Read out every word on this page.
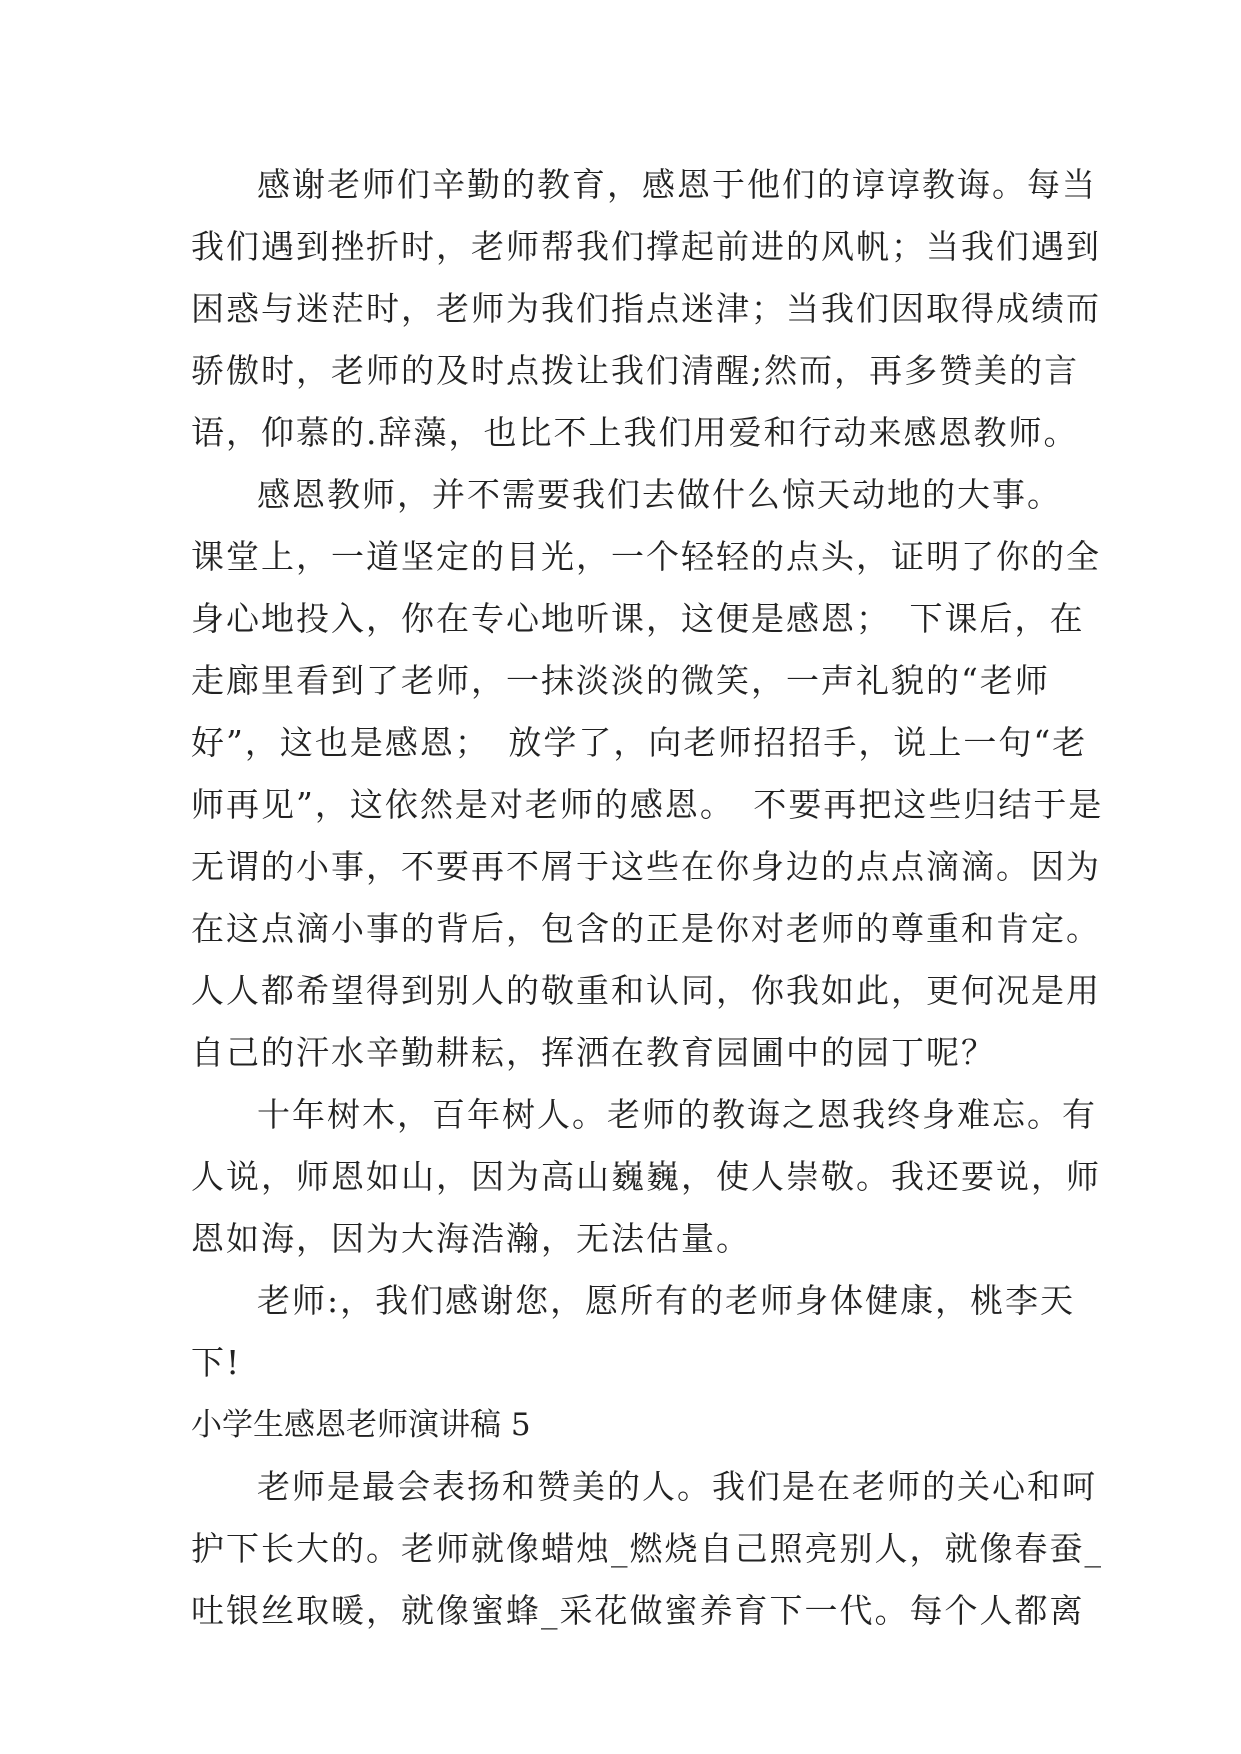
感谢老师们辛勤的教育，感恩于他们的谆谆教诲。每当
我们遇到挫折时，老师帮我们撑起前进的风帆；当我们遇到
困惑与迷茫时，老师为我们指点迷津；当我们因取得成绩而
骄傲时，老师的及时点拨让我们清醒;然而，再多赞美的言
语，仰慕的.辞藻，也比不上我们用爱和行动来感恩教师。
感恩教师，并不需要我们去做什么惊天动地的大事。
课堂上，一道坚定的目光，一个轻轻的点头，证明了你的全
身心地投入，你在专心地听课，这便是感恩；　下课后，在
走廊里看到了老师，一抹淡淡的微笑，一声礼貌的“老师
好”，这也是感恩；　放学了，向老师招招手，说上一句“老
师再见”，这依然是对老师的感恩。　不要再把这些归结于是
无谓的小事，不要再不屑于这些在你身边的点点滴滴。因为
在这点滴小事的背后，包含的正是你对老师的尊重和肯定。
人人都希望得到别人的敬重和认同，你我如此，更何况是用
自己的汗水辛勤耕耘，挥洒在教育园圃中的园丁呢？
十年树木，百年树人。老师的教诲之恩我终身难忘。有
人说，师恩如山，因为高山巍巍，使人崇敬。我还要说，师
恩如海，因为大海浩瀚，无法估量。
老师:，我们感谢您，愿所有的老师身体健康，桃李天
下!
小学生感恩老师演讲稿 5
老师是最会表扬和赞美的人。我们是在老师的关心和呵
护下长大的。老师就像蜡烛_燃烧自己照亮别人，就像春蚕_
吐银丝取暖，就像蜜蜂_采花做蜜养育下一代。每个人都离
